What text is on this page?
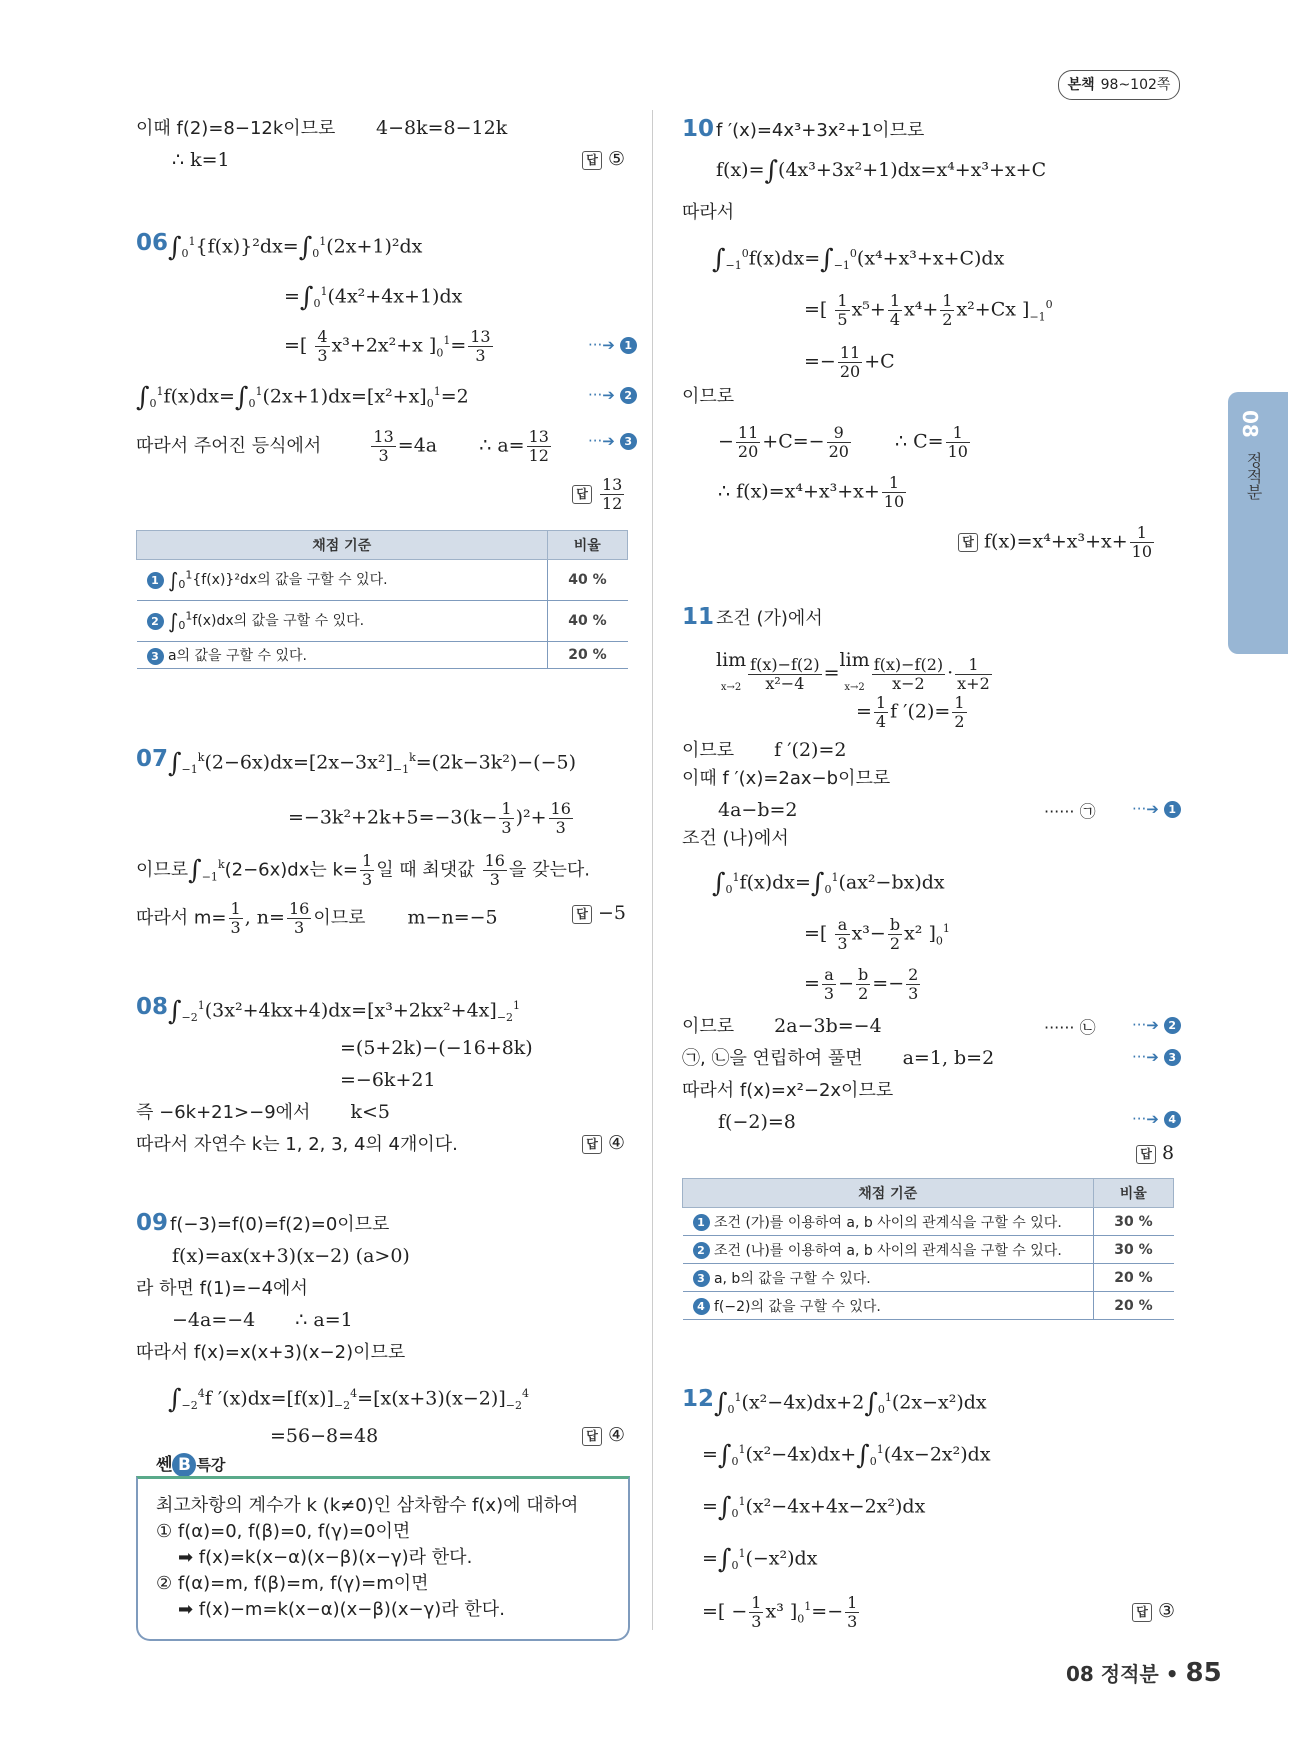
본책 98~102쪽
08
정적분
이때 f(2)=8−12k이므로 4−8k=8−12k
∴ k=1	답 ⑤
06 $\int_0^1\{f(x)\}^2dx=\int_0^1(2x+1)^2dx$
$=\int_0^1(4x^2+4x+1)dx$
=[ $\frac{4}{3} x^3+2x^2+x$ ]$_0^1= \frac{13}{3}$	···➔ 1
$\int_0^1f(x)dx=\int_0^1(2x+1)dx=[x^2+x]_0^1=2$	···➔ 2
따라서 주어진 등식에서	$\frac{13}{3} =4a$ ∴ $a= \frac{13}{12}$ ···➔ 3
답 $\frac{13}{12}$
채점 기준	비율
1 $\int_0^1\{f(x)\}^2dx$의 값을 구할 수 있다.	40 %
2 $\int_0^1f(x)dx$의 값을 구할 수 있다.	40 %
3 a의 값을 구할 수 있다.	20 %
07 $\int_{-1}^k(2-6x)dx=[2x-3x^2]_{-1}^k=(2k-3k^2)-(-5)$
$=-3k^2+2k+5=-3(k- \frac{1}{3} )^2+ \frac{16}{3}$
이므로$\int_{-1}^k(2-6x)dx$는 $k= \frac{1}{3}$ 일 때 최댓값 $\frac{16}{3}$ 을 갖는다.
따라서 $m= \frac{1}{3}$ , $n= \frac{16}{3}$ 이므로 m−n=−5	답 −5
08 $\int_{-2}^1(3x^2+4kx+4)dx=[x^3+2kx^2+4x]_{-2}^1$
=(5+2k)−(−16+8k)
=−6k+21
즉 −6k+21>−9에서 k<5
따라서 자연수 k는 1, 2, 3, 4의 4개이다.	답 ④
09 f(−3)=f(0)=f(2)=0이므로
f(x)=ax(x+3)(x−2) (a>0)
라 하면 f(1)=−4에서
−4a=−4 ∴ a=1
따라서 f(x)=x(x+3)(x−2)이므로
$\int_{-2}^4f$ $'(x)dx=[f(x)]_{-2}^4=[x(x+3)(x-2)]_{-2}^4$
=56−8=48	답 ④
쎈 B 특강
최고차항의 계수가 k (k≠0)인 삼차함수 f(x)에 대하여
① f(α)=0, f(β)=0, f(γ)=0이면
➡ f(x)=k(x−α)(x−β)(x−γ)라 한다.
② f(α)=m, f(β)=m, f(γ)=m이면
➡ f(x)−m=k(x−α)(x−β)(x−γ)라 한다.
10 f ′(x)=4x³+3x²+1이므로
f(x)=∫(4x³+3x²+1)dx=x⁴+x³+x+C
따라서
$\int_{-1}^0f(x)dx=\int_{-1}^0(x^4+x^3+x+C)dx$
=[ $\frac{1}{5} x^5+ \frac{1}{4} x^4+ \frac{1}{2} x^2+Cx$ ]$_{-1}^0$
=− $\frac{11}{20} +C$
이므로
− $\frac{11}{20} +C=- \frac{9}{20}$ ∴ $C= \frac{1}{10}$
∴ $f(x)=x^4+x^3+x+ \frac{1}{10}$
답 $f(x)=x^4+x^3+x+ \frac{1}{10}$
11 조건 (가)에서
lim
$x\to 2 \frac{f(x)-f(2)}{\text{x²−4}} =\lim$
$x\to 2 \frac{f(x)-f(2)}{x-2} \cdot \frac{1}{x+2}$
= $\frac{1}{4}$ f $'(2)= \frac{1}{2}$
이므로 f ′(2)=2
이때 f ′(x)=2ax−b이므로
4a−b=2	······ ㉠ ···➔ 1
조건 (나)에서
$\int_0^1f(x)dx=\int_0^1(ax^2-bx)dx$
=[ $\frac{a}{3} x^3- \frac{b}{2} x^2$ ]$_0^1$
= $\frac{a}{3} - \frac{b}{2} =- \frac{2}{3}$
이므로 2a−3b=−4	······ ㉡ ···➔ 2
㉠, ㉡을 연립하여 풀면 a=1, b=2	···➔ 3
따라서 f(x)=x²−2x이므로
f(−2)=8	···➔ 4
답 8
채점 기준	비율
1 조건 (가)를 이용하여 a, b 사이의 관계식을 구할 수 있다.	30 %
2 조건 (나)를 이용하여 a, b 사이의 관계식을 구할 수 있다.	30 %
3 a, b의 값을 구할 수 있다.	20 %
4 f(−2)의 값을 구할 수 있다.	20 %
12 $\int_0^1(x^2-4x)dx+2\int_0^1(2x-x^2)dx$
$=\int_0^1(x^2-4x)dx+\int_0^1(4x-2x^2)dx$
$=\int_0^1(x^2-4x+4x-2x^2)dx$
$=\int_0^1(-x^2)dx$
=[ − $\frac{1}{3} x^3$ ]$_0^1=- \frac{1}{3}$	답 ③
08 정적분 • 85
